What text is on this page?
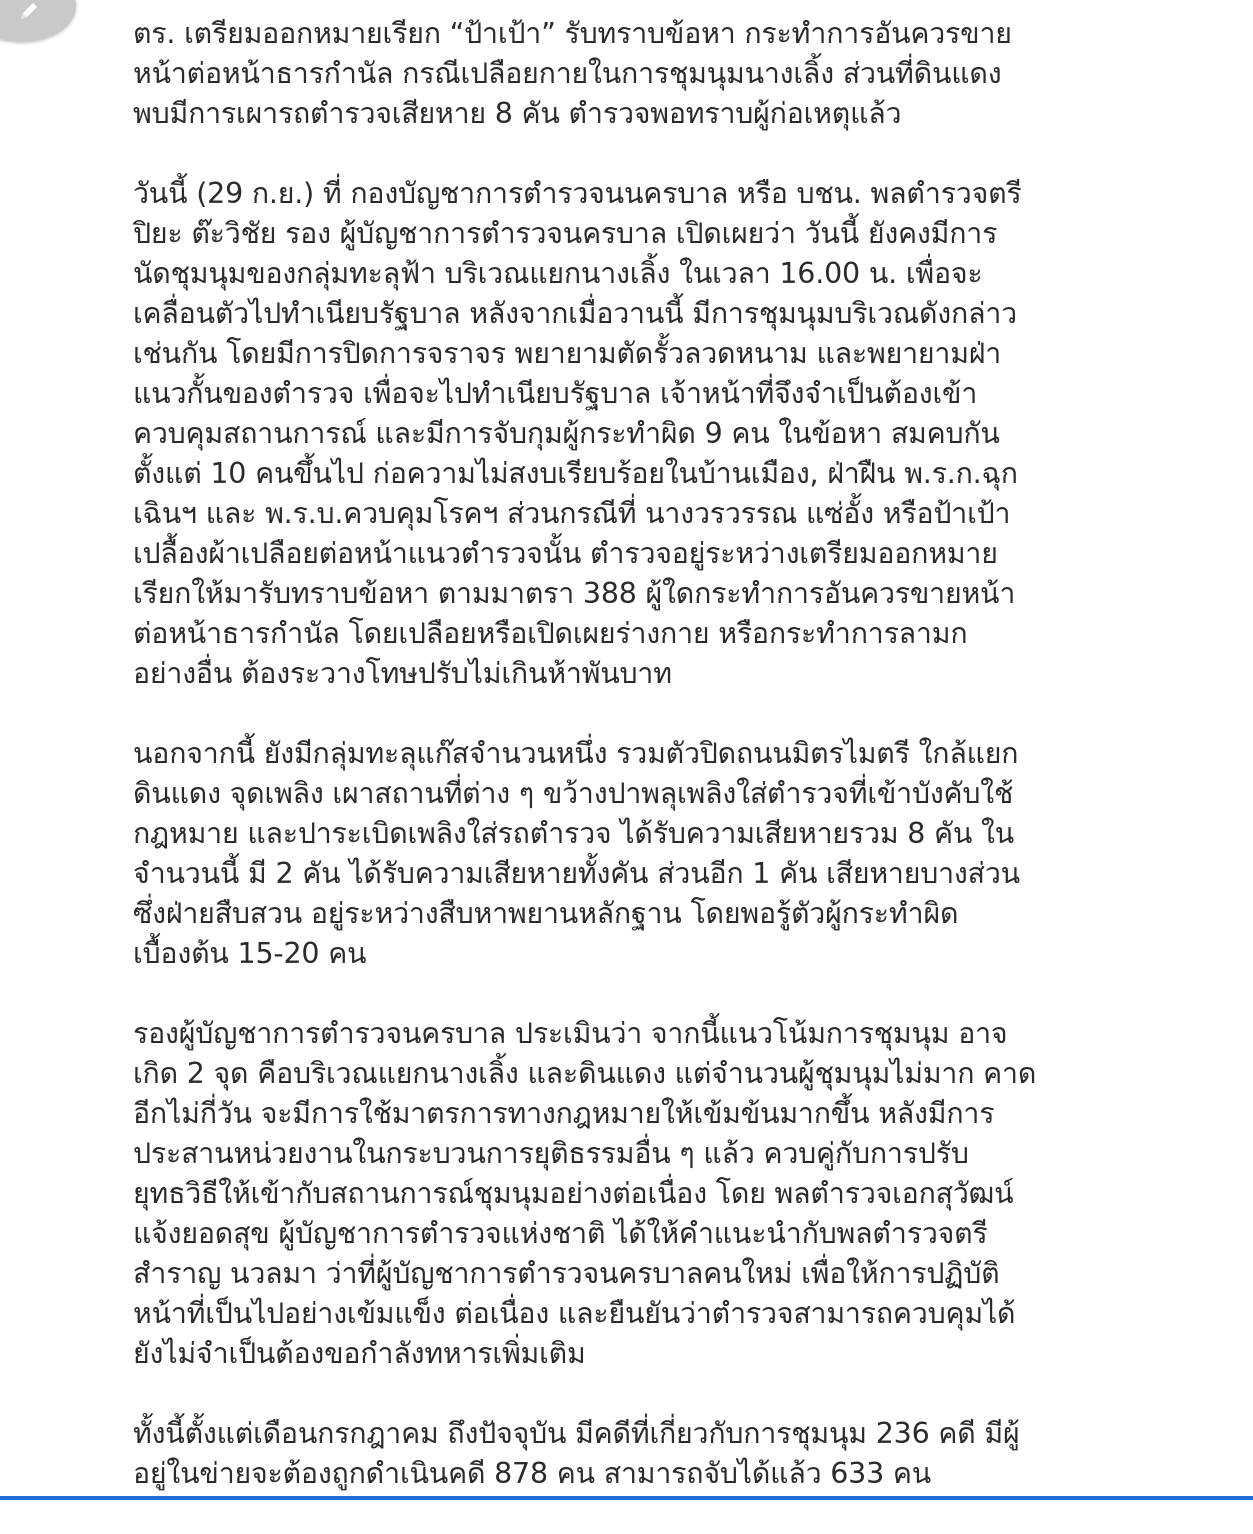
ตร. เตรียมออกหมายเรียก “ป้าเป้า” รับทราบข้อหา กระทำการอันควรขาย
หน้าต่อหน้าธารกำนัล กรณีเปลือยกายในการชุมนุมนางเลิ้ง ส่วนที่ดินแดง
พบมีการเผารถตำรวจเสียหาย 8 คัน ตำรวจพอทราบผู้ก่อเหตุแล้ว
วันนี้ (29 ก.ย.) ที่ กองบัญชาการตำรวจนนครบาล หรือ บชน. พลตำรวจตรี
ปิยะ ต๊ะวิชัย รอง ผู้บัญชาการตำรวจนครบาล เปิดเผยว่า วันนี้ ยังคงมีการ
นัดชุมนุมของกลุ่มทะลุฟ้า บริเวณแยกนางเลิ้ง ในเวลา 16.00 น. เพื่อจะ
เคลื่อนตัวไปทำเนียบรัฐบาล หลังจากเมื่อวานนี้ มีการชุมนุมบริเวณดังกล่าว
เช่นกัน โดยมีการปิดการจราจร พยายามตัดรั้วลวดหนาม และพยายามฝ่า
แนวกั้นของตำรวจ เพื่อจะไปทำเนียบรัฐบาล เจ้าหน้าที่จึงจำเป็นต้องเข้า
ควบคุมสถานการณ์ และมีการจับกุมผู้กระทำผิด 9 คน ในข้อหา สมคบกัน
ตั้งแต่ 10 คนขึ้นไป ก่อความไม่สงบเรียบร้อยในบ้านเมือง, ฝ่าฝืน พ.ร.ก.ฉุก
เฉินฯ และ พ.ร.บ.ควบคุมโรคฯ ส่วนกรณีที่ นางวรวรรณ แซ่อั้ง หรือป้าเป้า
เปลื้องผ้าเปลือยต่อหน้าแนวตำรวจนั้น ตำรวจอยู่ระหว่างเตรียมออกหมาย
เรียกให้มารับทราบข้อหา ตามมาตรา 388 ผู้ใดกระทำการอันควรขายหน้า
ต่อหน้าธารกำนัล โดยเปลือยหรือเปิดเผยร่างกาย หรือกระทำการลามก
อย่างอื่น ต้องระวางโทษปรับไม่เกินห้าพันบาท
นอกจากนี้ ยังมีกลุ่มทะลุแก๊สจำนวนหนึ่ง รวมตัวปิดถนนมิตรไมตรี ใกล้แยก
ดินแดง จุดเพลิง เผาสถานที่ต่าง ๆ ขว้างปาพลุเพลิงใส่ตำรวจที่เข้าบังคับใช้
กฎหมาย และปาระเบิดเพลิงใส่รถตำรวจ ได้รับความเสียหายรวม 8 คัน ใน
จำนวนนี้ มี 2 คัน ได้รับความเสียหายทั้งคัน ส่วนอีก 1 คัน เสียหายบางส่วน
ซึ่งฝ่ายสืบสวน อยู่ระหว่างสืบหาพยานหลักฐาน โดยพอรู้ตัวผู้กระทำผิด
เบื้องต้น 15-20 คน
รองผู้บัญชาการตำรวจนครบาล ประเมินว่า จากนี้แนวโน้มการชุมนุม อาจ
เกิด 2 จุด คือบริเวณแยกนางเลิ้ง และดินแดง แต่จำนวนผู้ชุมนุมไม่มาก คาด
อีกไม่กี่วัน จะมีการใช้มาตรการทางกฎหมายให้เข้มข้นมากขึ้น หลังมีการ
ประสานหน่วยงานในกระบวนการยุติธรรมอื่น ๆ แล้ว ควบคู่กับการปรับ
ยุทธวิธีให้เข้ากับสถานการณ์ชุมนุมอย่างต่อเนื่อง โดย พลตำรวจเอกสุวัฒน์
แจ้งยอดสุข ผู้บัญชาการตำรวจแห่งชาติ ได้ให้คำแนะนำกับพลตำรวจตรี
สำราญ นวลมา ว่าที่ผู้บัญชาการตำรวจนครบาลคนใหม่ เพื่อให้การปฏิบัติ
หน้าที่เป็นไปอย่างเข้มแข็ง ต่อเนื่อง และยืนยันว่าตำรวจสามารถควบคุมได้
ยังไม่จำเป็นต้องขอกำลังทหารเพิ่มเติม
ทั้งนี้ตั้งแต่เดือนกรกฎาคม ถึงปัจจุบัน มีคดีที่เกี่ยวกับการชุมนุม 236 คดี มีผู้
อยู่ในข่ายจะต้องถูกดำเนินคดี 878 คน สามารถจับได้แล้ว 633 คน
